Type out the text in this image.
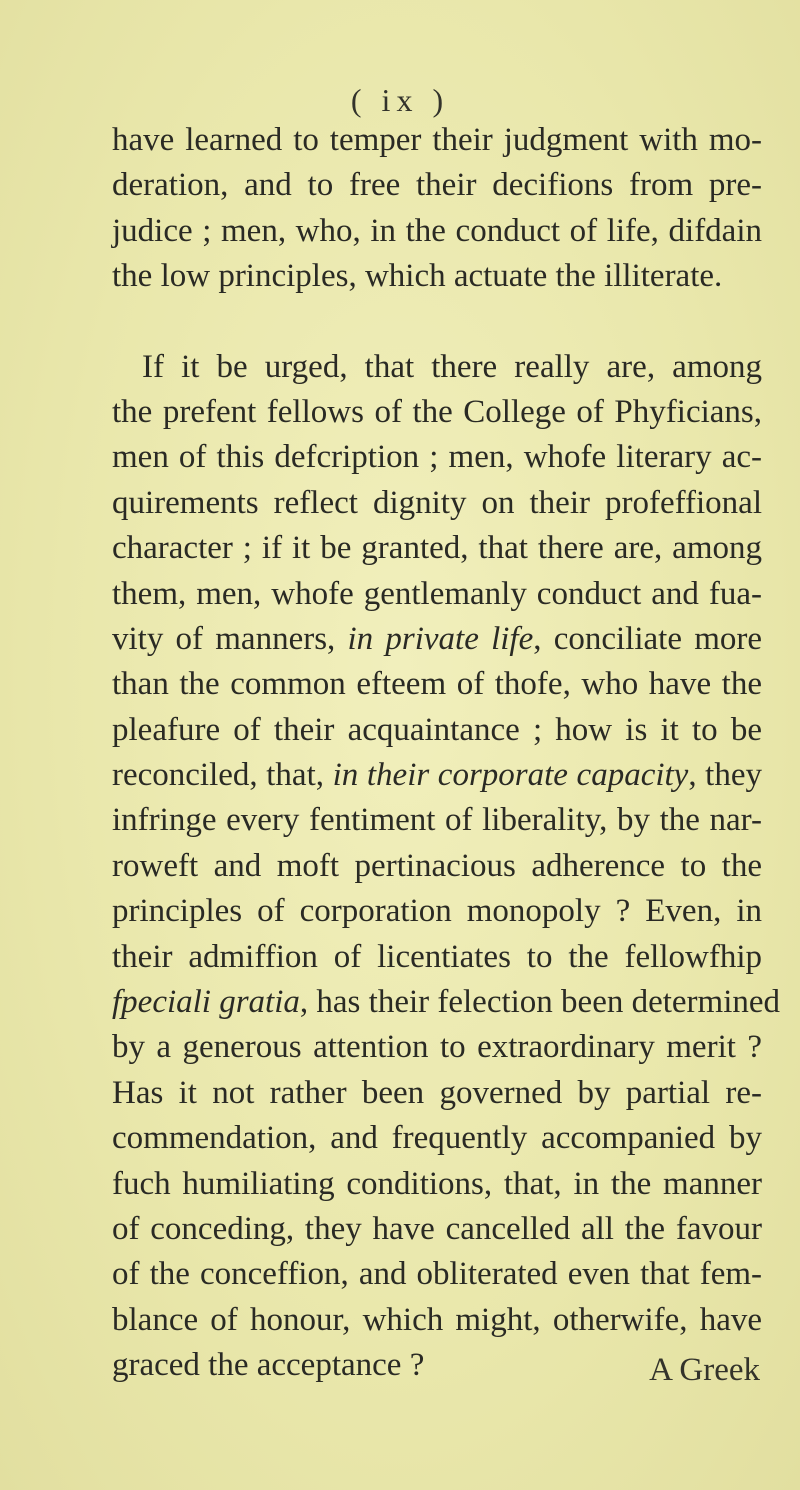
( ix )
have learned to temper their judgment with mo-
deration, and to free their decifions from pre-
judice ; men, who, in the conduct of life, difdain
the low principles, which actuate the illiterate.
If it be urged, that there really are, among
the prefent fellows of the College of Phyficians,
men of this defcription ; men, whofe literary ac-
quirements reflect dignity on their profeffional
character ; if it be granted, that there are, among
them, men, whofe gentlemanly conduct and fua-
vity of manners, in private life, conciliate more
than the common efteem of thofe, who have the
pleafure of their acquaintance ; how is it to be
reconciled, that, in their corporate capacity, they
infringe every fentiment of liberality, by the nar-
roweft and moft pertinacious adherence to the
principles of corporation monopoly ? Even, in
their admiffion of licentiates to the fellowfhip
fpeciali gratia, has their felection been determined
by a generous attention to extraordinary merit ?
Has it not rather been governed by partial re-
commendation, and frequently accompanied by
fuch humiliating conditions, that, in the manner
of conceding, they have cancelled all the favour
of the conceffion, and obliterated even that fem-
blance of honour, which might, otherwife, have
graced the acceptance ?	A Greek
